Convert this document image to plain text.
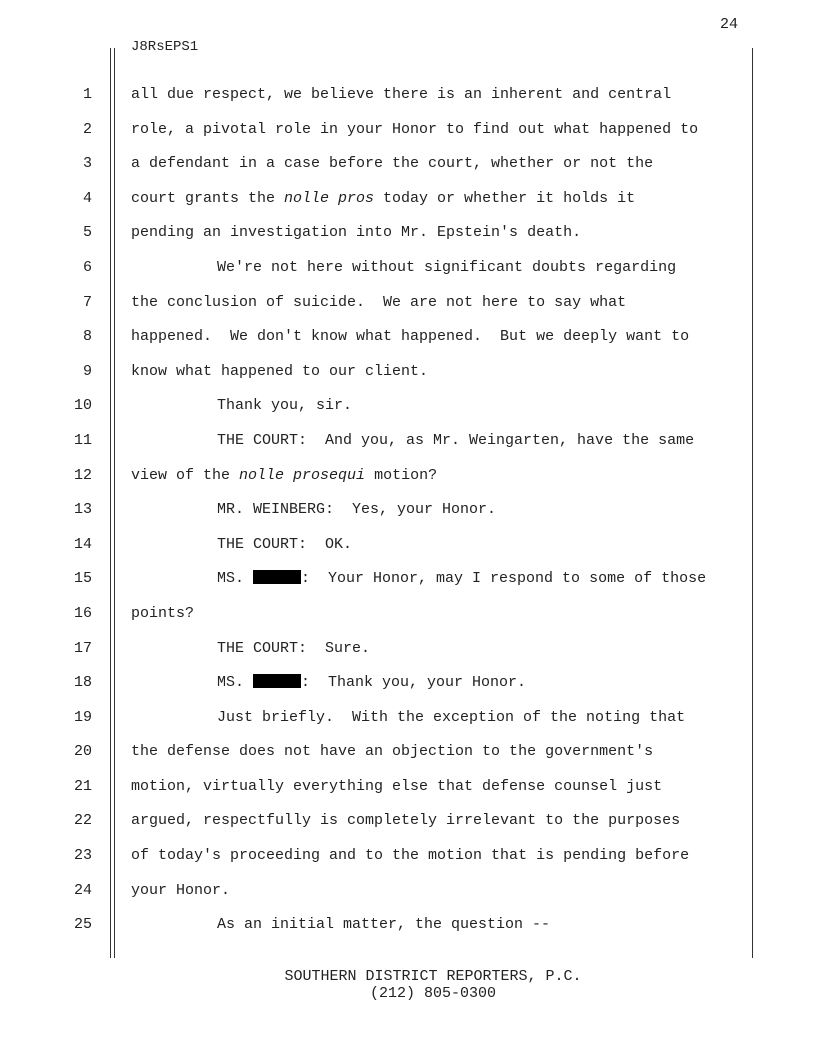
24
J8RsEPS1
1	all due respect, we believe there is an inherent and central
2	role, a pivotal role in your Honor to find out what happened to
3	a defendant in a case before the court, whether or not the
4	court grants the nolle pros today or whether it holds it
5	pending an investigation into Mr. Epstein's death.
6	We're not here without significant doubts regarding
7	the conclusion of suicide.  We are not here to say what
8	happened.  We don't know what happened.  But we deeply want to
9	know what happened to our client.
10	Thank you, sir.
11	THE COURT:  And you, as Mr. Weingarten, have the same
12	view of the nolle prosequi motion?
13	MR. WEINBERG:  Yes, your Honor.
14	THE COURT:  OK.
15	MS.	:  Your Honor, may I respond to some of those
16	points?
17	THE COURT:  Sure.
18	MS.	:  Thank you, your Honor.
19	Just briefly.  With the exception of the noting that
20	the defense does not have an objection to the government's
21	motion, virtually everything else that defense counsel just
22	argued, respectfully is completely irrelevant to the purposes
23	of today's proceeding and to the motion that is pending before
24	your Honor.
25	As an initial matter, the question --
SOUTHERN DISTRICT REPORTERS, P.C.
(212) 805-0300
